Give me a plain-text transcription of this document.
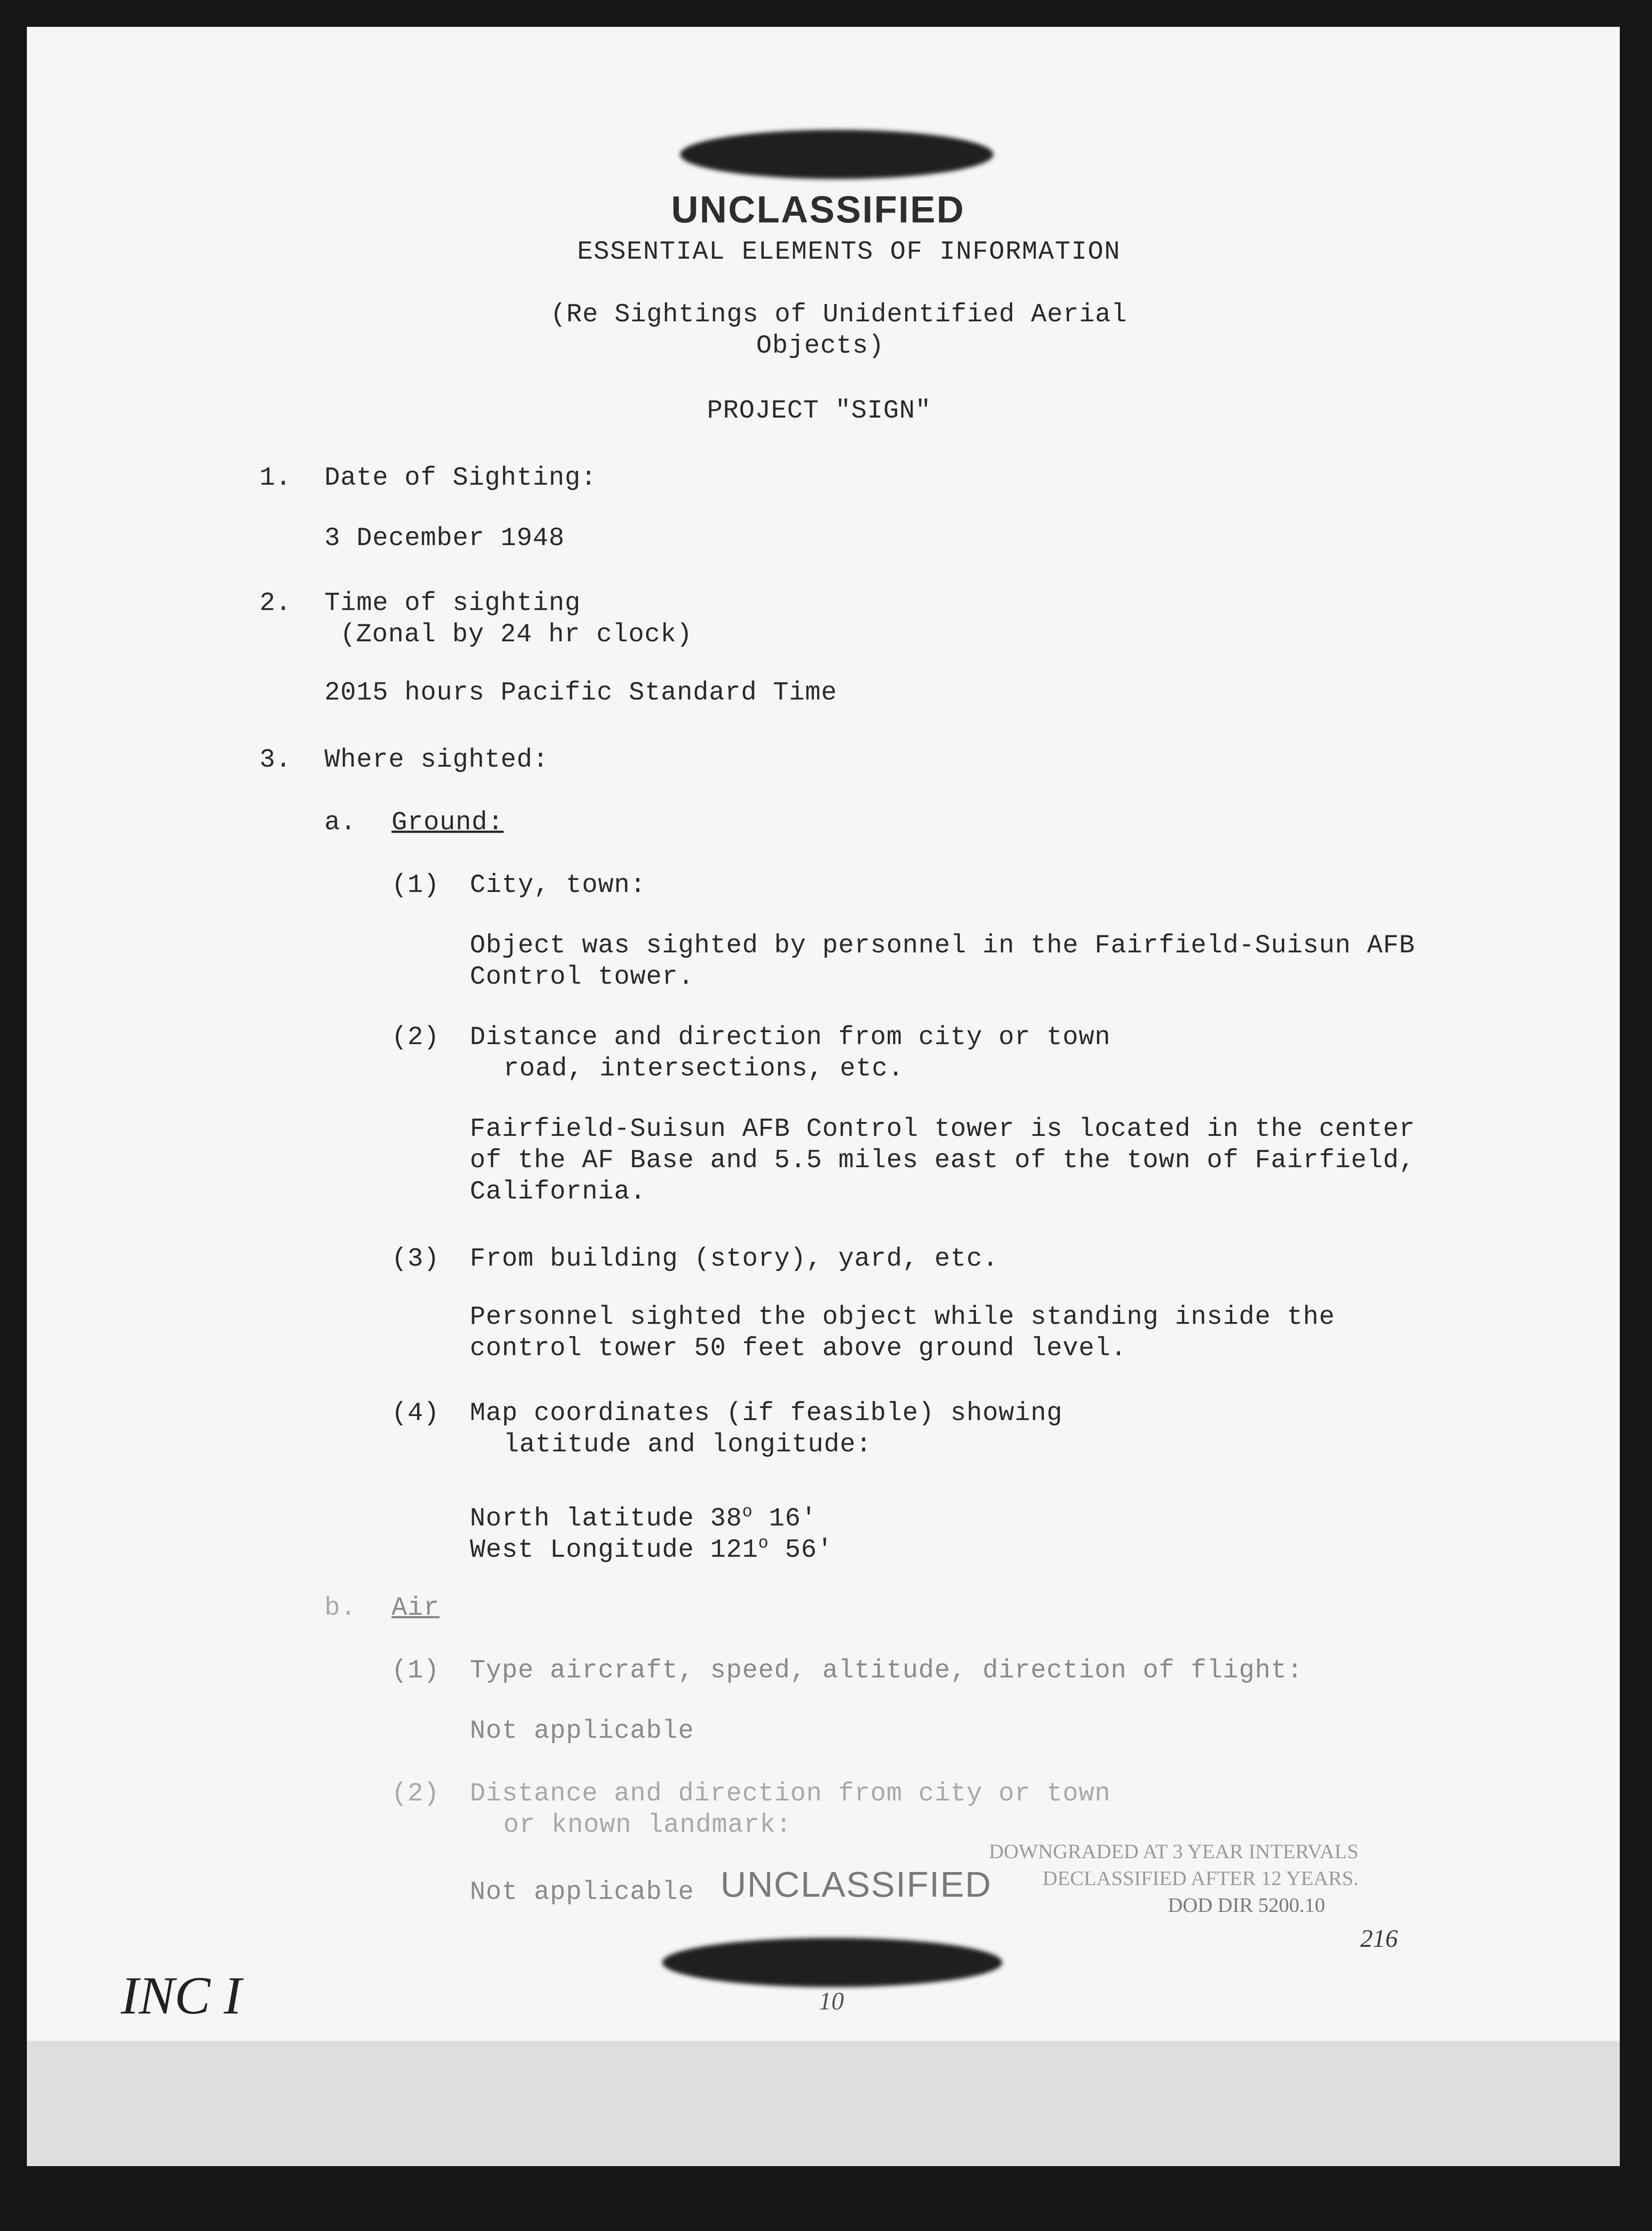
UNCLASSIFIED
ESSENTIAL ELEMENTS OF INFORMATION
(Re Sightings of Unidentified Aerial
Objects)
PROJECT "SIGN"
1. Date of Sighting:
3 December 1948
2. Time of sighting
(Zonal by 24 hr clock)
2015 hours Pacific Standard Time
3. Where sighted:
a. Ground:
(1) City, town:
Object was sighted by personnel in the Fairfield-Suisun AFB
Control tower.
(2) Distance and direction from city or town
road, intersections, etc.
Fairfield-Suisun AFB Control tower is located in the center
of the AF Base and 5.5 miles east of the town of Fairfield,
California.
(3) From building (story), yard, etc.
Personnel sighted the object while standing inside the
control tower 50 feet above ground level.
(4) Map coordinates (if feasible) showing
latitude and longitude:
North latitude 38$^o$ 16'
West Longitude 121$^o$ 56'
b. Air
(1) Type aircraft, speed, altitude, direction of flight:
Not applicable
(2) Distance and direction from city or town
or known landmark:
Not applicable UNCLASSIFIED
DOWNGRADED AT 3 YEAR INTERVALS
DECLASSIFIED AFTER 12 YEARS.
DOD DIR 5200.10
216
10
INC I
